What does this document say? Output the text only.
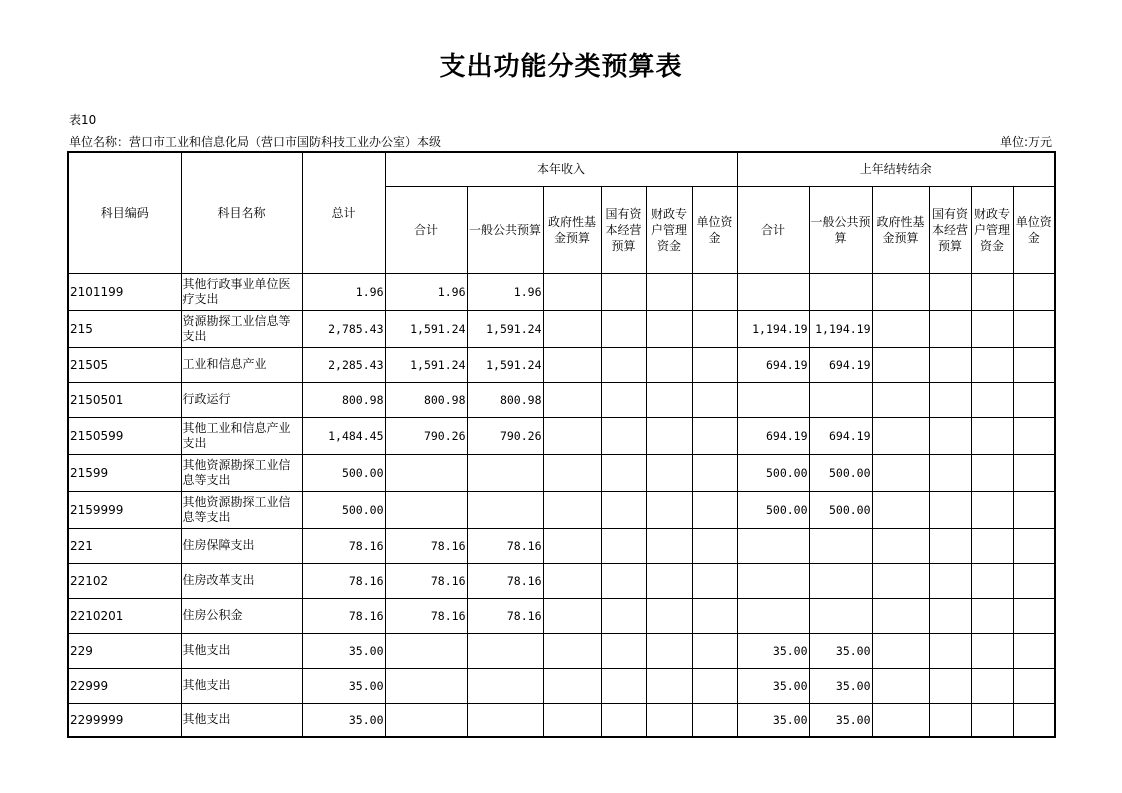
支出功能分类预算表
表10
单位名称：营口市工业和信息化局（营口市国防科技工业办公室）本级	单位:万元
科目编码	科目名称	总计	本年收入						上年结转结余					
			合计	一般公共预算	政府性基金预算	国有资本经营预算	财政专户管理资金	单位资金	合计	一般公共预算	政府性基金预算	国有资本经营预算	财政专户管理资金	单位资金
2101199	其他行政事业单位医疗支出	1.96	1.96	1.96										
215	资源勘探工业信息等支出	2,785.43	1,591.24	1,591.24					1,194.19	1,194.19				
21505	工业和信息产业	2,285.43	1,591.24	1,591.24					694.19	694.19				
2150501	行政运行	800.98	800.98	800.98										
2150599	其他工业和信息产业支出	1,484.45	790.26	790.26					694.19	694.19				
21599	其他资源勘探工业信息等支出	500.00							500.00	500.00				
2159999	其他资源勘探工业信息等支出	500.00							500.00	500.00				
221	住房保障支出	78.16	78.16	78.16										
22102	住房改革支出	78.16	78.16	78.16										
2210201	住房公积金	78.16	78.16	78.16										
229	其他支出	35.00							35.00	35.00				
22999	其他支出	35.00							35.00	35.00				
2299999	其他支出	35.00							35.00	35.00				
